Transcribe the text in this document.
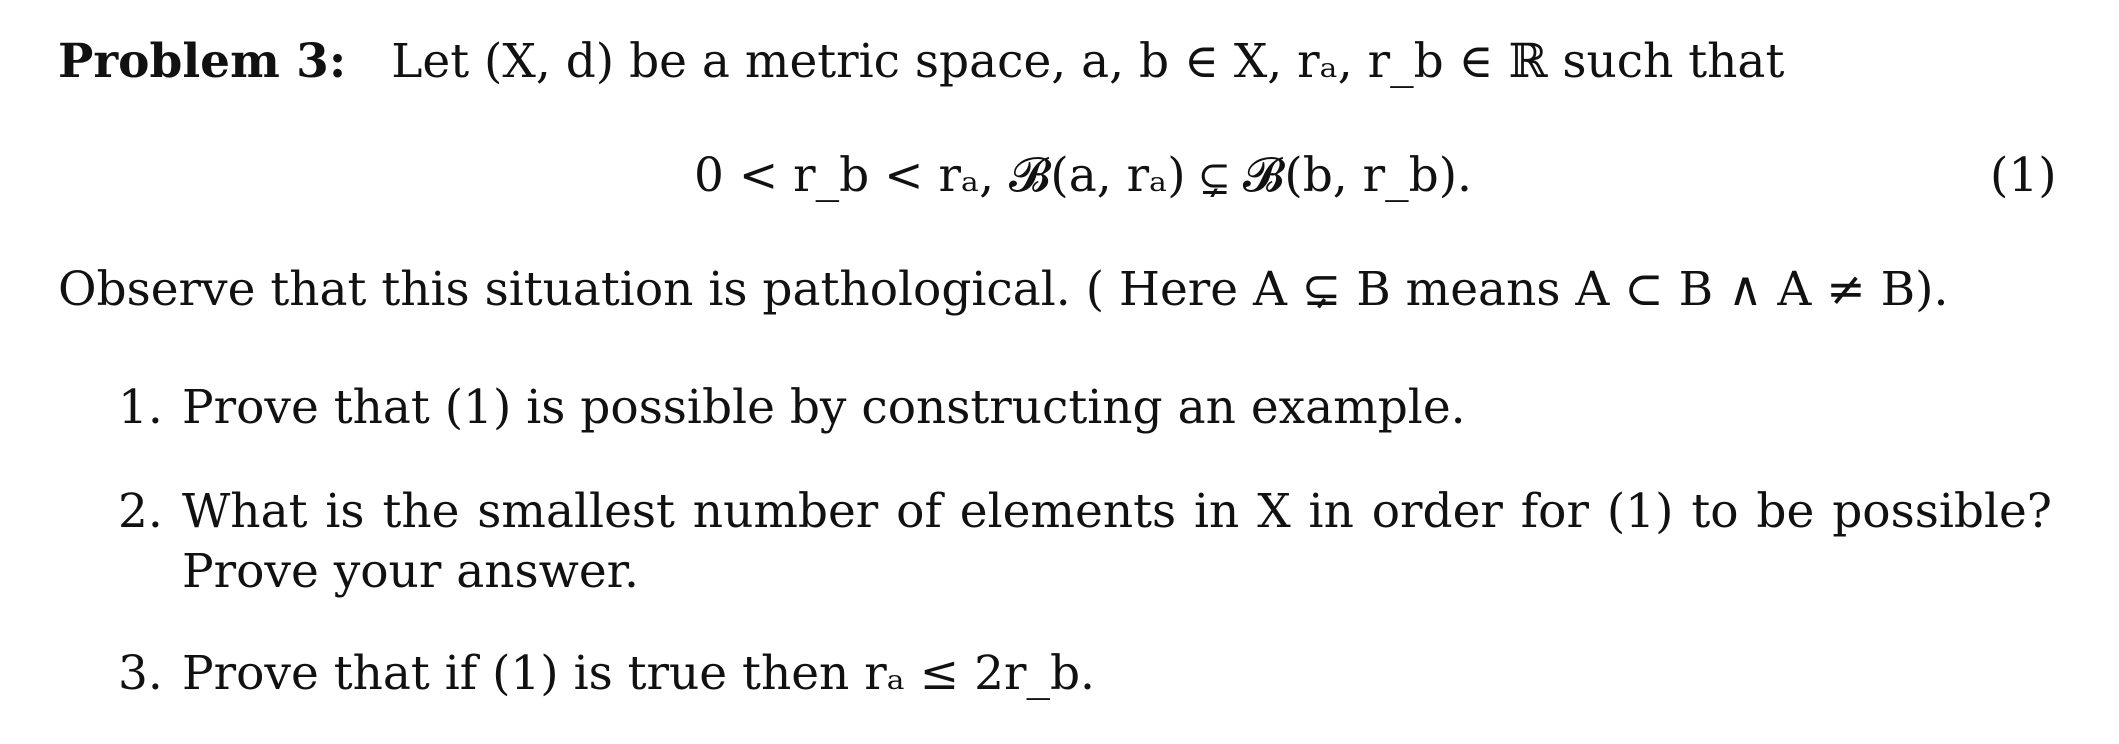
Problem 3: Let (X, d) be a metric space, a, b ∈ X, rₐ, r_b ∈ ℝ such that
0 < r_b < rₐ, 𝓑(a, rₐ) ⊊ 𝓑(b, r_b).	(1)
Observe that this situation is pathological. ( Here A ⊊ B means A ⊂ B ∧ A ≠ B).
1. Prove that (1) is possible by constructing an example.
2. What is the smallest number of elements in X in order for (1) to be possible? Prove your answer.
3. Prove that if (1) is true then rₐ ≤ 2r_b.
